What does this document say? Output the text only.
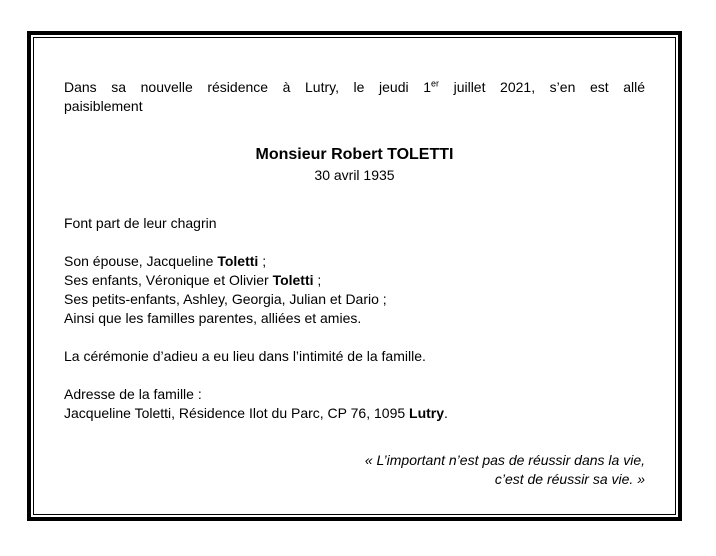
Dans sa nouvelle résidence à Lutry, le jeudi 1er juillet 2021, s’en est allé

paisiblement

Monsieur Robert TOLETTI

30 avril 1935

Font part de leur chagrin

Son épouse, Jacqueline Toletti ;

Ses enfants, Véronique et Olivier Toletti ;

Ses petits-enfants, Ashley, Georgia, Julian et Dario ;

Ainsi que les familles parentes, alliées et amies.

La cérémonie d’adieu a eu lieu dans l’intimité de la famille.

Adresse de la famille :

Jacqueline Toletti, Résidence Ilot du Parc, CP 76, 1095 Lutry.

« L’important n’est pas de réussir dans la vie,

c’est de réussir sa vie. »
